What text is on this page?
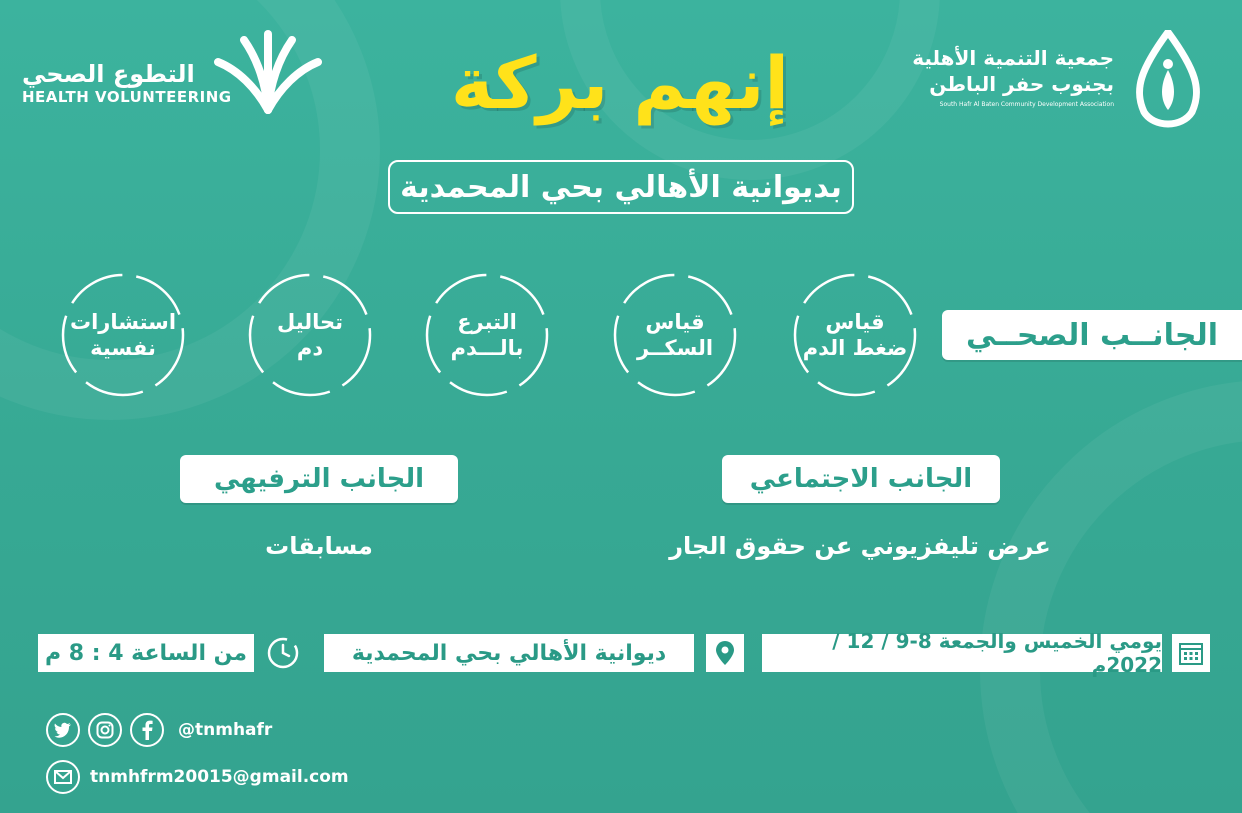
التطوع الصحي
HEALTH VOLUNTEERING
جمعية التنمية الأهلية
بجنوب حفر الباطن
South Hafr Al Baten Community Development Association
إنهم بركة
بديوانية الأهالي بحي المحمدية
الجانــب الصحــي
قياس
ضغط الدم
قياس
السكــر
التبرع
بالـــدم
تحاليل
دم
استشارات
نفسية
الجانب الاجتماعي
عرض تليفزيوني عن حقوق الجار
الجانب الترفيهي
مسابقات
يومي الخميس والجمعة 8-9 / 12 / 2022م
ديوانية الأهالي بحي المحمدية
من الساعة 4 : 8 م
@tnmhafr
tnmhfrm20015@gmail.com
